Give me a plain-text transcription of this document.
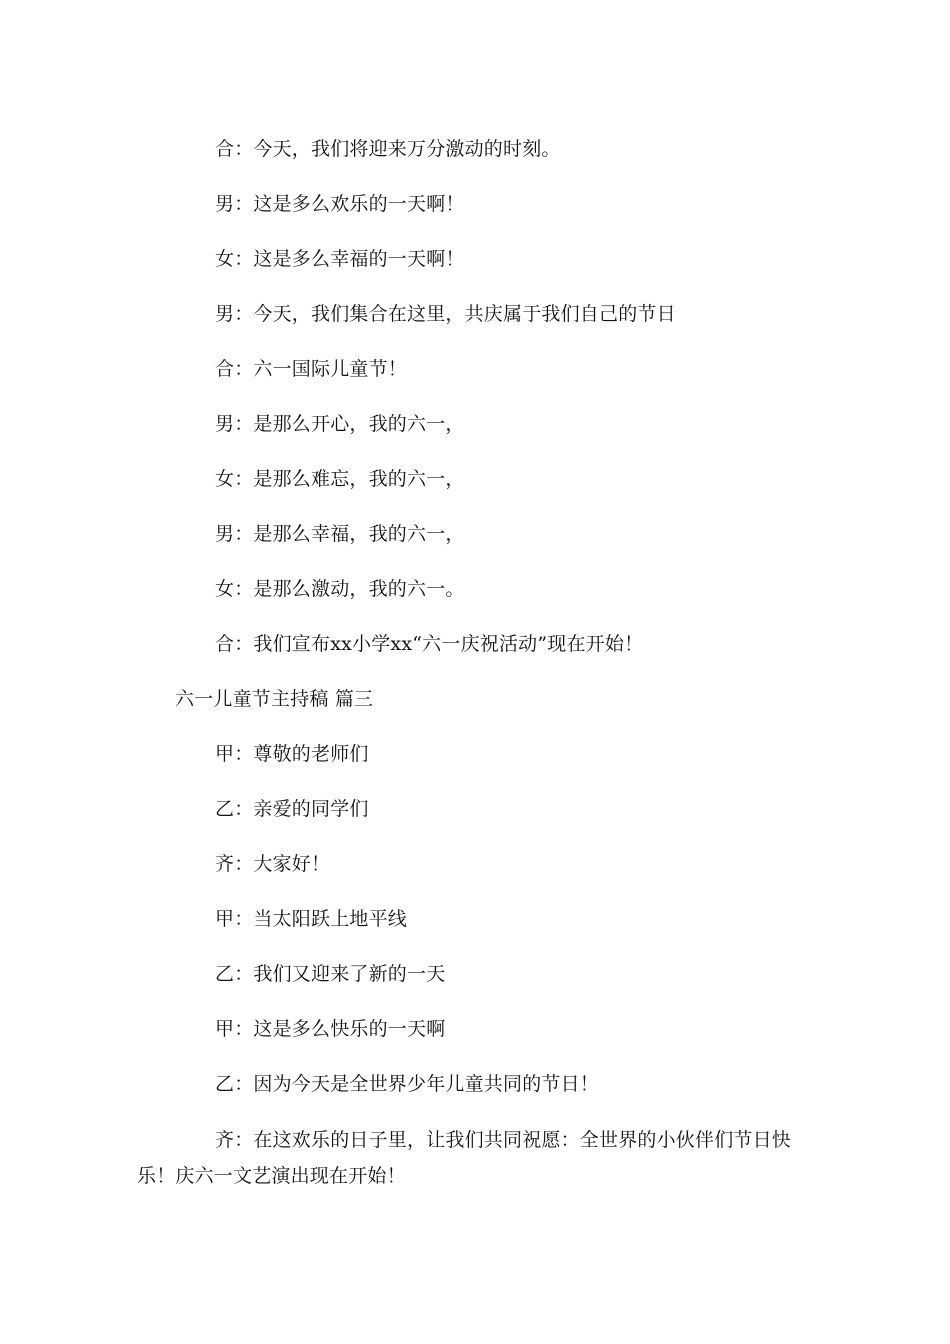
合：今天，我们将迎来万分激动的时刻。
男：这是多么欢乐的一天啊！
女：这是多么幸福的一天啊！
男：今天，我们集合在这里，共庆属于我们自己的节日
合：六一国际儿童节！
男：是那么开心，我的六一，
女：是那么难忘，我的六一，
男：是那么幸福，我的六一，
女：是那么激动，我的六一。
合：我们宣布xx小学xx“六一庆祝活动”现在开始！
六一儿童节主持稿 篇三
甲：尊敬的老师们
乙：亲爱的同学们
齐：大家好！
甲：当太阳跃上地平线
乙：我们又迎来了新的一天
甲：这是多么快乐的一天啊
乙：因为今天是全世界少年儿童共同的节日！
齐：在这欢乐的日子里，让我们共同祝愿：全世界的小伙伴们节日快乐！庆六一文艺演出现在开始！
